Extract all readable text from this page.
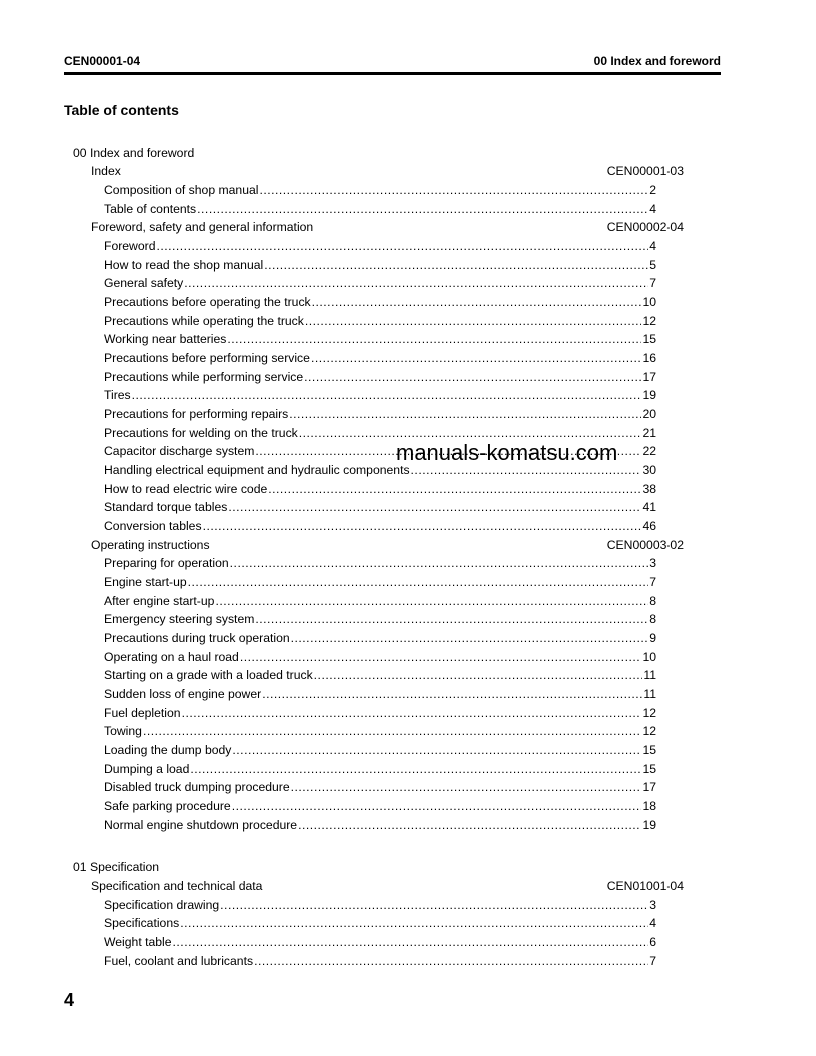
CEN00001-04	00 Index and foreword
Table of contents
00 Index and foreword
Index	CEN00001-03
Composition of shop manual .....	2
Table of contents .....	4
Foreword, safety and general information	CEN00002-04
Foreword .....	4
How to read the shop manual .....	5
General safety .....	7
Precautions before operating the truck .....	10
Precautions while operating the truck .....	12
Working near batteries .....	15
Precautions before performing service .....	16
Precautions while performing service .....	17
Tires .....	19
Precautions for performing repairs .....	20
Precautions for welding on the truck .....	21
Capacitor discharge system .....	22
Handling electrical equipment and hydraulic components .....	30
How to read electric wire code .....	38
Standard torque tables .....	41
Conversion tables .....	46
Operating instructions	CEN00003-02
Preparing for operation .....	3
Engine start-up .....	7
After engine start-up .....	8
Emergency steering system .....	8
Precautions during truck operation .....	9
Operating on a haul road .....	10
Starting on a grade with a loaded truck .....	11
Sudden loss of engine power .....	11
Fuel depletion .....	12
Towing .....	12
Loading the dump body .....	15
Dumping a load .....	15
Disabled truck dumping procedure .....	17
Safe parking procedure .....	18
Normal engine shutdown procedure .....	19
01 Specification
Specification and technical data	CEN01001-04
Specification drawing .....	3
Specifications .....	4
Weight table .....	6
Fuel, coolant and lubricants .....	7
manuals-komatsu.com
4
